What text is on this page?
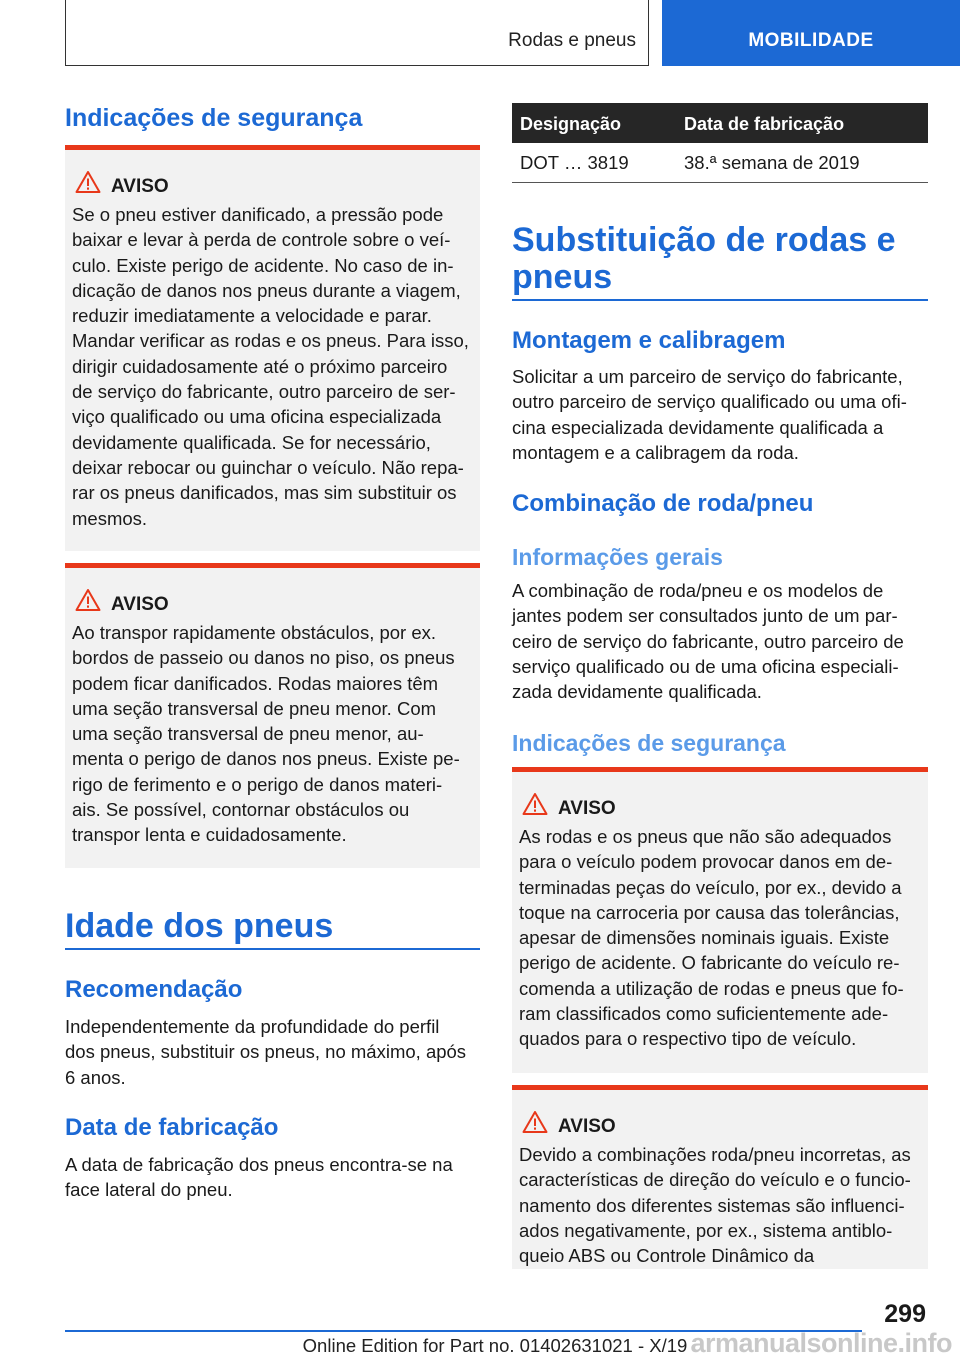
Rodas e pneus	MOBILIDADE
Indicações de segurança
AVISO
Se o pneu estiver danificado, a pressão pode
baixar e levar à perda de controle sobre o veí-
culo. Existe perigo de acidente. No caso de in-
dicação de danos nos pneus durante a viagem,
reduzir imediatamente a velocidade e parar.
Mandar verificar as rodas e os pneus. Para isso,
dirigir cuidadosamente até o próximo parceiro
de serviço do fabricante, outro parceiro de ser-
viço qualificado ou uma oficina especializada
devidamente qualificada. Se for necessário,
deixar rebocar ou guinchar o veículo. Não repa-
rar os pneus danificados, mas sim substituir os
mesmos.
AVISO
Ao transpor rapidamente obstáculos, por ex.
bordos de passeio ou danos no piso, os pneus
podem ficar danificados. Rodas maiores têm
uma seção transversal de pneu menor. Com
uma seção transversal de pneu menor, au-
menta o perigo de danos nos pneus. Existe pe-
rigo de ferimento e o perigo de danos materi-
ais. Se possível, contornar obstáculos ou
transpor lenta e cuidadosamente.
Idade dos pneus
Recomendação
Independentemente da profundidade do perfil
dos pneus, substituir os pneus, no máximo, após
6 anos.
Data de fabricação
A data de fabricação dos pneus encontra-se na
face lateral do pneu.
Designação	Data de fabricação
DOT … 3819	38.ª semana de 2019
Substituição de rodas e
pneus
Montagem e calibragem
Solicitar a um parceiro de serviço do fabricante,
outro parceiro de serviço qualificado ou uma ofi-
cina especializada devidamente qualificada a
montagem e a calibragem da roda.
Combinação de roda/pneu
Informações gerais
A combinação de roda/pneu e os modelos de
jantes podem ser consultados junto de um par-
ceiro de serviço do fabricante, outro parceiro de
serviço qualificado ou de uma oficina especiali-
zada devidamente qualificada.
Indicações de segurança
AVISO
As rodas e os pneus que não são adequados
para o veículo podem provocar danos em de-
terminadas peças do veículo, por ex., devido a
toque na carroceria por causa das tolerâncias,
apesar de dimensões nominais iguais. Existe
perigo de acidente. O fabricante do veículo re-
comenda a utilização de rodas e pneus que fo-
ram classificados como suficientemente ade-
quados para o respectivo tipo de veículo.
AVISO
Devido a combinações roda/pneu incorretas, as
características de direção do veículo e o funcio-
namento dos diferentes sistemas são influenci-
ados negativamente, por ex., sistema antiblo-
queio ABS ou Controle Dinâmico da
299
Online Edition for Part no. 01402631021 - X/19 armanualsonline.info
